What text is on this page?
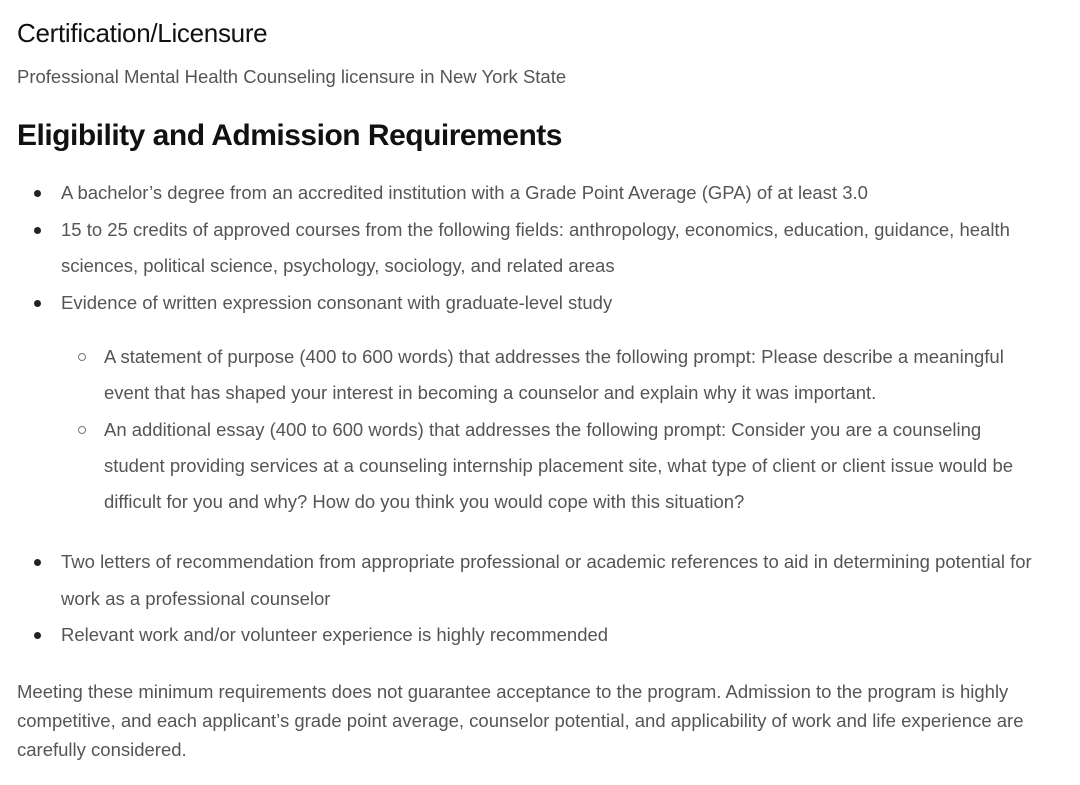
Certification/Licensure

Professional Mental Health Counseling licensure in New York State

Eligibility and Admission Requirements
A bachelor’s degree from an accredited institution with a Grade Point Average (GPA) of at least 3.0
15 to 25 credits of approved courses from the following fields: anthropology, economics, education, guidance, health sciences, political science, psychology, sociology, and related areas
Evidence of written expression consonant with graduate-level study
A statement of purpose (400 to 600 words) that addresses the following prompt: Please describe a meaningful event that has shaped your interest in becoming a counselor and explain why it was important.
An additional essay (400 to 600 words) that addresses the following prompt: Consider you are a counseling student providing services at a counseling internship placement site, what type of client or client issue would be difficult for you and why? How do you think you would cope with this situation?
Two letters of recommendation from appropriate professional or academic references to aid in determining potential for work as a professional counselor
Relevant work and/or volunteer experience is highly recommended

Meeting these minimum requirements does not guarantee acceptance to the program. Admission to the program is highly competitive, and each applicant’s grade point average, counselor potential, and applicability of work and life experience are carefully considered.
